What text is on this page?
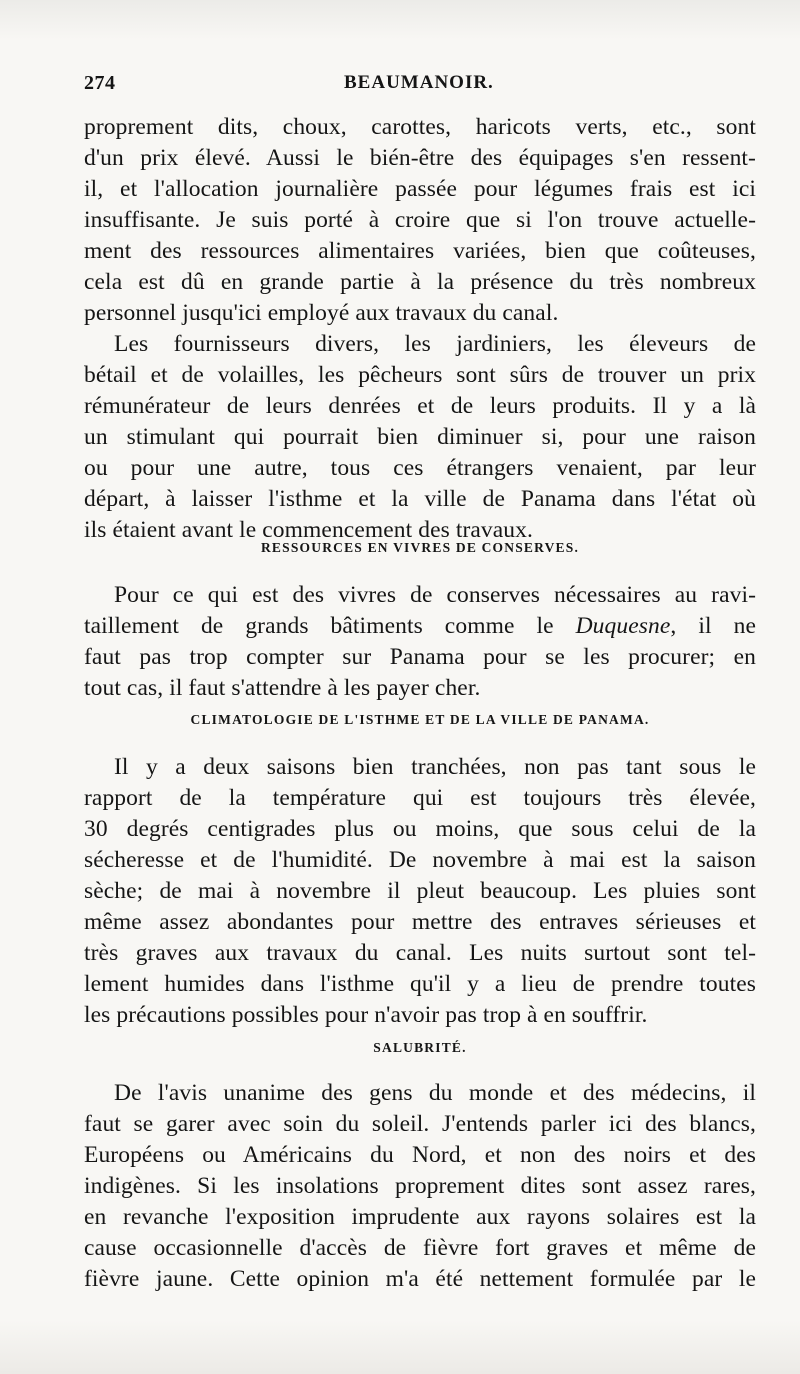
274	BEAUMANOIR.
proprement dits, choux, carottes, haricots verts, etc., sont
d'un prix élevé. Aussi le bién-être des équipages s'en ressent-
il, et l'allocation journalière passée pour légumes frais est ici
insuffisante. Je suis porté à croire que si l'on trouve actuelle-
ment des ressources alimentaires variées, bien que coûteuses,
cela est dû en grande partie à la présence du très nombreux
personnel jusqu'ici employé aux travaux du canal.
Les fournisseurs divers, les jardiniers, les éleveurs de
bétail et de volailles, les pêcheurs sont sûrs de trouver un prix
rémunérateur de leurs denrées et de leurs produits. Il y a là
un stimulant qui pourrait bien diminuer si, pour une raison
ou pour une autre, tous ces étrangers venaient, par leur
départ, à laisser l'isthme et la ville de Panama dans l'état où
ils étaient avant le commencement des travaux.
RESSOURCES EN VIVRES DE CONSERVES.
Pour ce qui est des vivres de conserves nécessaires au ravi-
taillement de grands bâtiments comme le Duquesne, il ne
faut pas trop compter sur Panama pour se les procurer; en
tout cas, il faut s'attendre à les payer cher.
CLIMATOLOGIE DE L'ISTHME ET DE LA VILLE DE PANAMA.
Il y a deux saisons bien tranchées, non pas tant sous le
rapport de la température qui est toujours très élevée,
30 degrés centigrades plus ou moins, que sous celui de la
sécheresse et de l'humidité. De novembre à mai est la saison
sèche; de mai à novembre il pleut beaucoup. Les pluies sont
même assez abondantes pour mettre des entraves sérieuses et
très graves aux travaux du canal. Les nuits surtout sont tel-
lement humides dans l'isthme qu'il y a lieu de prendre toutes
les précautions possibles pour n'avoir pas trop à en souffrir.
SALUBRITÉ.
De l'avis unanime des gens du monde et des médecins, il
faut se garer avec soin du soleil. J'entends parler ici des blancs,
Européens ou Américains du Nord, et non des noirs et des
indigènes. Si les insolations proprement dites sont assez rares,
en revanche l'exposition imprudente aux rayons solaires est la
cause occasionnelle d'accès de fièvre fort graves et même de
fièvre jaune. Cette opinion m'a été nettement formulée par le
